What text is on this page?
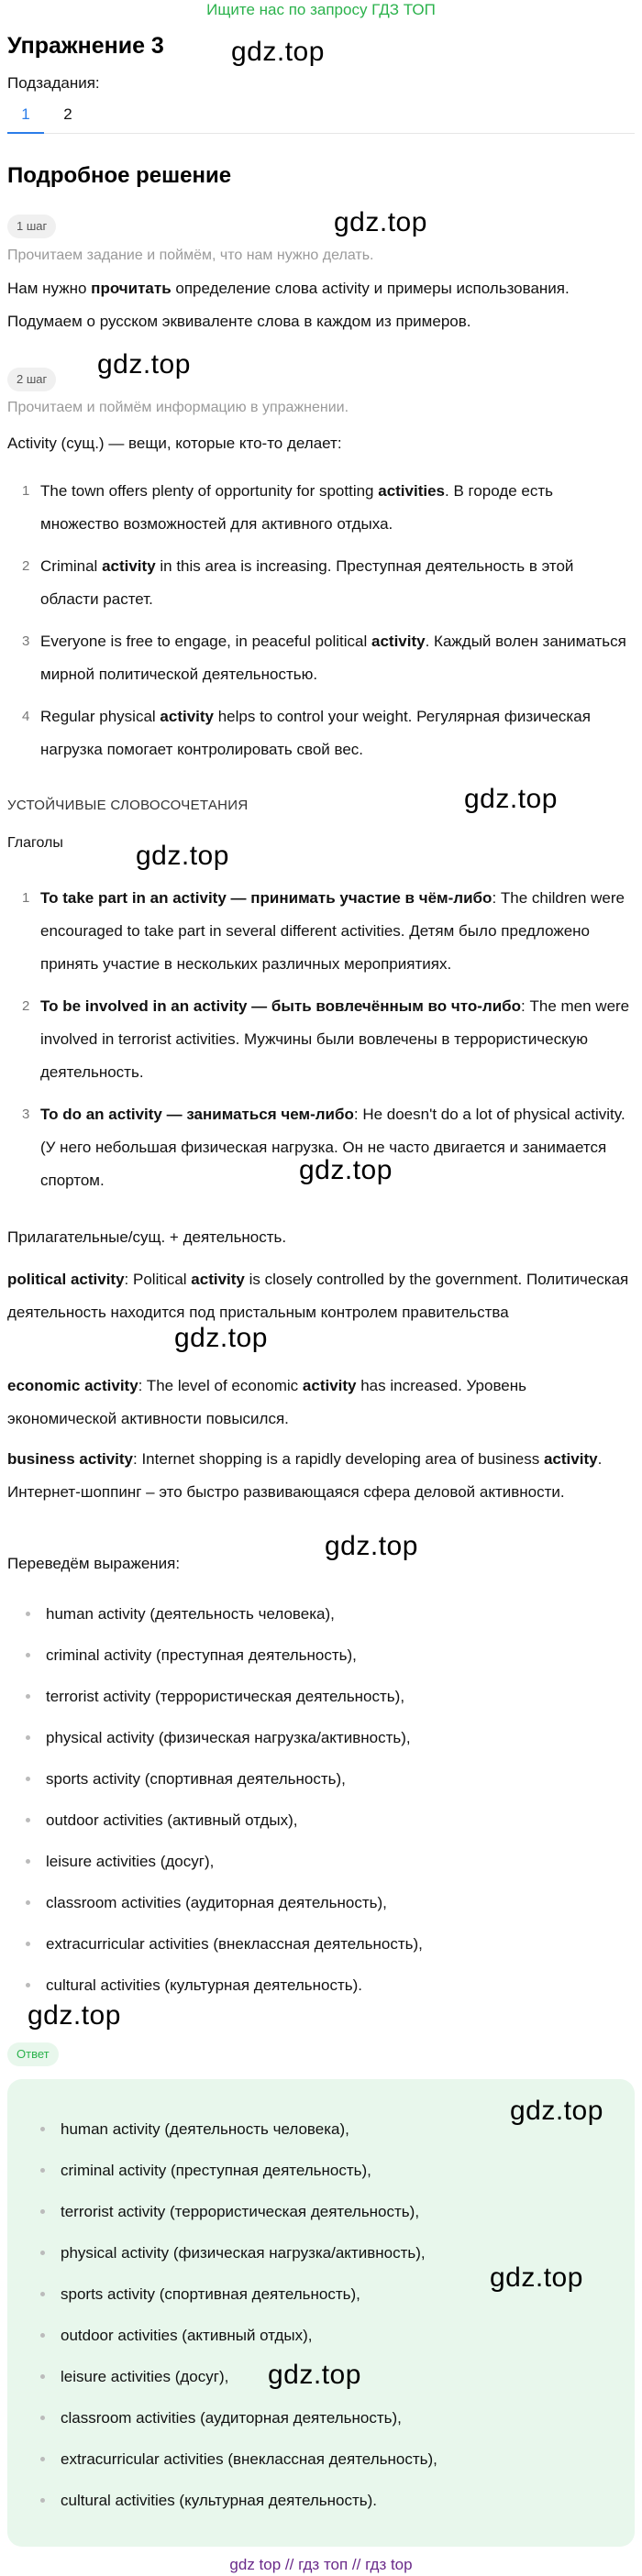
Ищите нас по запросу ГДЗ ТОП
Упражнение 3 gdz.top
Подзадания:
1	2
Подробное решение
1 шаг	gdz.top
Прочитаем задание и поймём, что нам нужно делать.
Нам нужно прочитать определение слова activity и примеры использования.
Подумаем о русском эквиваленте слова в каждом из примеров.
2 шаг	gdz.top
Прочитаем и поймём информацию в упражнении.
Activity (сущ.) — вещи, которые кто-то делает:
1 The town offers plenty of opportunity for spotting activities. В городе есть множество возможностей для активного отдыха.
2 Criminal activity in this area is increasing. Преступная деятельность в этой области растет.
3 Everyone is free to engage, in peaceful political activity. Каждый волен заниматься мирной политической деятельностью.
4 Regular physical activity helps to control your weight. Регулярная физическая нагрузка помогает контролировать свой вес.
УСТОЙЧИВЫЕ СЛОВОСОЧЕТАНИЯ	gdz.top
Глаголы	gdz.top
1 To take part in an activity — принимать участие в чём-либо: The children were encouraged to take part in several different activities. Детям было предложено принять участие в нескольких различных мероприятиях.
2 To be involved in an activity — быть вовлечённым во что-либо: The men were involved in terrorist activities. Мужчины были вовлечены в террористическую деятельность.
3 To do an activity — заниматься чем-либо: He doesn't do a lot of physical activity. (У него небольшая физическая нагрузка. Он не часто двигается и занимается спортом.	gdz.top
Прилагательные/сущ. + деятельность.
political activity: Political activity is closely controlled by the government. Политическая деятельность находится под пристальным контролем правительства
gdz.top
economic activity: The level of economic activity has increased. Уровень экономической активности повысился.
business activity: Internet shopping is a rapidly developing area of business activity. Интернет-шоппинг – это быстро развивающаяся сфера деловой активности.
Переведём выражения:
gdz.top
human activity (деятельность человека),
criminal activity (преступная деятельность),
terrorist activity (террористическая деятельность),
physical activity (физическая нагрузка/активность),
sports activity (спортивная деятельность),
outdoor activities (активный отдых),
leisure activities (досуг),
classroom activities (аудиторная деятельность),
extracurricular activities (внеклассная деятельность),
cultural activities (культурная деятельность).
gdz.top
Ответ
human activity (деятельность человека),
criminal activity (преступная деятельность),
terrorist activity (террористическая деятельность),
physical activity (физическая нагрузка/активность),
sports activity (спортивная деятельность),
outdoor activities (активный отдых),
leisure activities (досуг),
classroom activities (аудиторная деятельность),
extracurricular activities (внеклассная деятельность),
cultural activities (культурная деятельность).
gdz.top
gdz.top
gdz.top
gdz top // гдз топ // гдз top
